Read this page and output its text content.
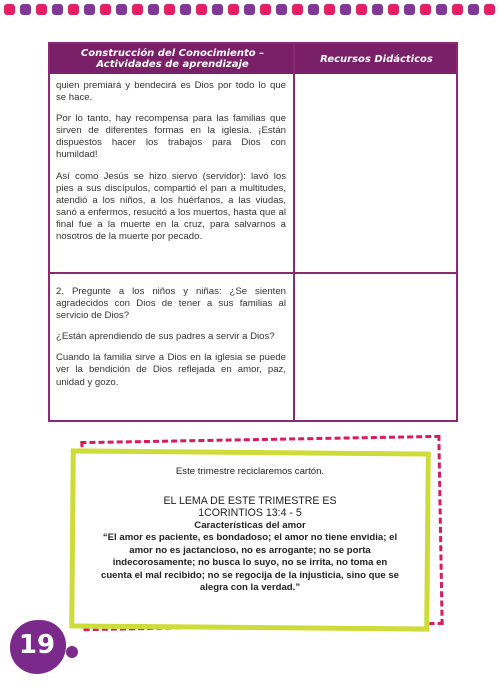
Construcción del Conocimiento – Actividades de aprendizaje	Recursos Didácticos

quien premiará y bendecirá es Dios por todo lo que se hace.

Por lo tanto, hay recompensa para las familias que sirven de diferentes formas en la iglesia. ¡Están dispuestos hacer los trabajos para Dios con humildad!

Así como Jesús se hizo siervo (servidor): lavó los pies a sus discípulos, compartió el pan a multitudes, atendió a los niños, a los huérfanos, a las viudas, sanó a enfermos, resucitó a los muertos, hasta que al final fue a la muerte en la cruz, para salvarnos a nosotros de la muerte por pecado.

2. Pregunte a los niños y niñas: ¿Se sienten agradecidos con Dios de tener a sus familias al servicio de Dios?

¿Están aprendiendo de sus padres a servir a Dios?

Cuando la familia sirve a Dios en la iglesia se puede ver la bendición de Dios reflejada en amor, paz, unidad y gozo.

Este trimestre reciclaremos cartón.
EL LEMA DE ESTE TRIMESTRE ES
1CORINTIOS 13:4 - 5
Características del amor
“El amor es paciente, es bondadoso; el amor no tiene envidia; el amor no es jactancioso, no es arrogante; no se porta indecorosamente; no busca lo suyo, no se irrita, no toma en cuenta el mal recibido; no se regocija de la injusticia, sino que se alegra con la verdad.”
19
